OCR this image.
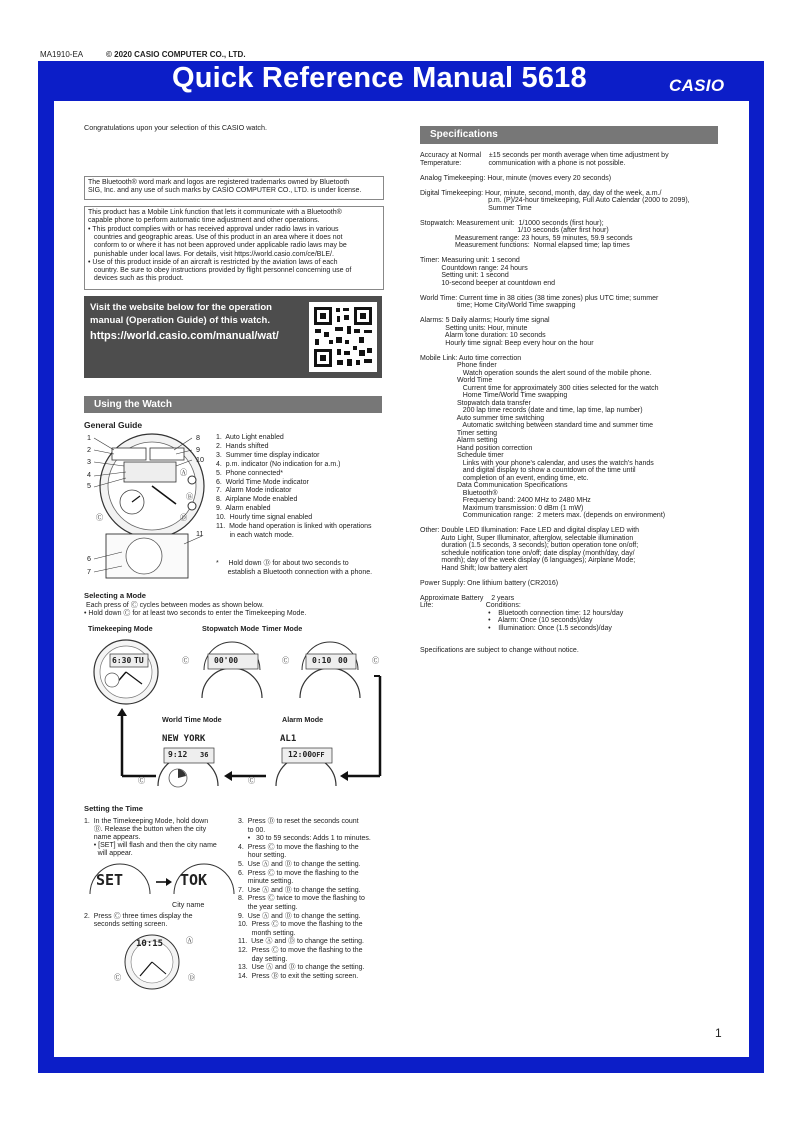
MA1910-EA	© 2020 CASIO COMPUTER CO., LTD.
Quick Reference Manual 5618	CASIO
Congratulations upon your selection of this CASIO watch.
The Bluetooth® word mark and logos are registered trademarks owned by Bluetooth
SIG, Inc. and any use of such marks by CASIO COMPUTER CO., LTD. is under license.
This product has a Mobile Link function that lets it communicate with a Bluetooth®
capable phone to perform automatic time adjustment and other operations.
• This product complies with or has received approval under radio laws in various
countries and geographic areas. Use of this product in an area where it does not
conform to or where it has not been approved under applicable radio laws may be
punishable under local laws. For details, visit https://world.casio.com/ce/BLE/.
• Use of this product inside of an aircraft is restricted by the aviation laws of each
country. Be sure to obey instructions provided by flight personnel concerning use of
devices such as this product.
Visit the website below for the operation
manual (Operation Guide) of this watch.
https://world.casio.com/manual/wat/
Using the Watch
General Guide
1
2
3
4
5
6
7
8
9
10
11
Ⓐ
Ⓑ
Ⓒ	Ⓓ
1.  Auto Light enabled
2.  Hands shifted
3.  Summer time display indicator
4.  p.m. indicator (No indication for a.m.)
5.  Phone connected*
6.  World Time Mode indicator
7.  Alarm Mode indicator
8.  Airplane Mode enabled
9.  Alarm enabled
10.  Hourly time signal enabled
11.  Mode hand operation is linked with operations
in each watch mode.
*     Hold down Ⓓ for about two seconds to
establish a Bluetooth connection with a phone.
Selecting a Mode
Each press of Ⓒ cycles between modes as shown below.
• Hold down Ⓒ for at least two seconds to enter the Timekeeping Mode.
Timekeeping Mode	Stopwatch Mode Timer Mode
World Time Mode	Alarm Mode
6:30 TU	00'00	0:10 00
NEW YORK
9:12 36
AL1
12:00 OFF
Ⓒ	Ⓒ	Ⓒ
Ⓒ	Ⓒ
Setting the Time
1.  In the Timekeeping Mode, hold down
Ⓑ. Release the button when the city
name appears.
• [SET] will flash and then the city name
will appear.
SET	TOK
City name
2.  Press Ⓒ three times display the
seconds setting screen.
10:15	Ⓐ
Ⓒ	Ⓓ
3.  Press Ⓓ to reset the seconds count
to 00.
•   30 to 59 seconds: Adds 1 to minutes.
4.  Press Ⓒ to move the flashing to the
hour setting.
5.  Use Ⓐ and Ⓓ to change the setting.
6.  Press Ⓒ to move the flashing to the
minute setting.
7.  Use Ⓐ and Ⓓ to change the setting.
8.  Press Ⓒ twice to move the flashing to
the year setting.
9.  Use Ⓐ and Ⓓ to change the setting.
10.  Press Ⓒ to move the flashing to the
month setting.
11.  Use Ⓐ and Ⓓ to change the setting.
12.  Press Ⓒ to move the flashing to the
day setting.
13.  Use Ⓐ and Ⓓ to change the setting.
14.  Press Ⓑ to exit the setting screen.
Specifications
Accuracy at Normal    ±15 seconds per month average when time adjustment by
Temperature:              communication with a phone is not possible.
Analog Timekeeping: Hour, minute (moves every 20 seconds)
Digital Timekeeping: Hour, minute, second, month, day, day of the week, a.m./
p.m. (P)/24-hour timekeeping, Full Auto Calendar (2000 to 2099),
Summer Time
Stopwatch: Measurement unit:  1/1000 seconds (first hour);
1/10 seconds (after first hour)
Measurement range: 23 hours, 59 minutes, 59.9 seconds
Measurement functions:  Normal elapsed time; lap times
Timer: Measuring unit: 1 second
Countdown range: 24 hours
Setting unit: 1 second
10-second beeper at countdown end
World Time: Current time in 38 cities (38 time zones) plus UTC time; summer
time; Home City/World Time swapping
Alarms: 5 Daily alarms; Hourly time signal
Setting units: Hour, minute
Alarm tone duration: 10 seconds
Hourly time signal: Beep every hour on the hour
Mobile Link: Auto time correction
Phone finder
Watch operation sounds the alert sound of the mobile phone.
World Time
Current time for approximately 300 cities selected for the watch
Home Time/World Time swapping
Stopwatch data transfer
200 lap time records (date and time, lap time, lap number)
Auto summer time switching
Automatic switching between standard time and summer time
Timer setting
Alarm setting
Hand position correction
Schedule timer
Links with your phone's calendar, and uses the watch's hands
and digital display to show a countdown of the time until
completion of an event, ending time, etc.
Data Communication Specifications
Bluetooth®
Frequency band: 2400 MHz to 2480 MHz
Maximum transmission: 0 dBm (1 mW)
Communication range:  2 meters max. (depends on environment)
Other: Double LED Illumination: Face LED and digital display LED with
Auto Light, Super Illuminator, afterglow, selectable illumination
duration (1.5 seconds, 3 seconds); button operation tone on/off;
schedule notification tone on/off; date display (month/day, day/
month); day of the week display (6 languages); Airplane Mode;
Hand Shift; low battery alert
Power Supply: One lithium battery (CR2016)
Approximate Battery    2 years
Life:                           Conditions:
•    Bluetooth connection time: 12 hours/day
•    Alarm: Once (10 seconds)/day
•    Illumination: Once (1.5 seconds)/day
Specifications are subject to change without notice.
1
